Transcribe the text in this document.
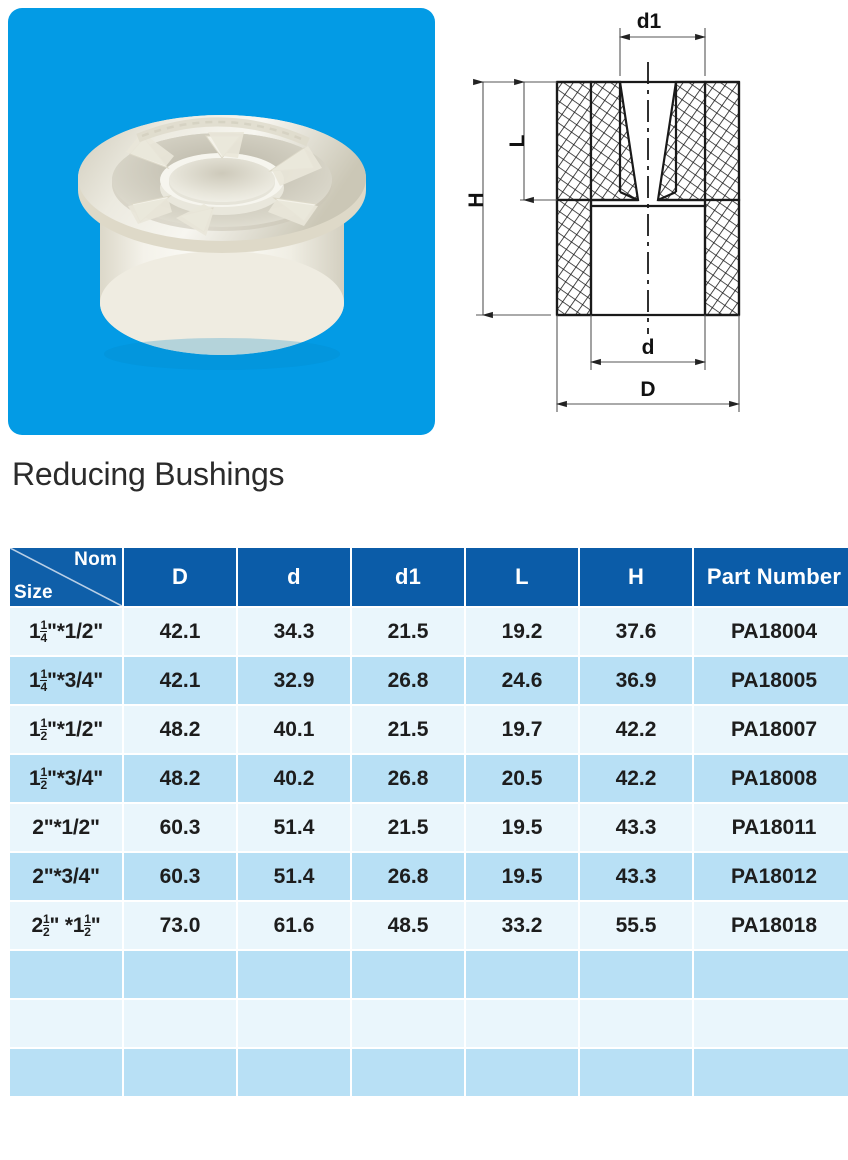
d1
H
L
d
D
Reducing Bushings
Nom
Size	D	d	d1	L	H	Part Number
$1 \frac{1}{4}$ "*1/2"	42.1	34.3	21.5	19.2	37.6	PA18004
$1 \frac{1}{4}$ "*3/4"	42.1	32.9	26.8	24.6	36.9	PA18005
$1 \frac{1}{2}$ "*1/2"	48.2	40.1	21.5	19.7	42.2	PA18007
$1 \frac{1}{2}$ "*3/4"	48.2	40.2	26.8	20.5	42.2	PA18008
2"*1/2"	60.3	51.4	21.5	19.5	43.3	PA18011
2"*3/4"	60.3	51.4	26.8	19.5	43.3	PA18012
$2 \frac{1}{2}$ " $*1 \frac{1}{2}$ "	73.0	61.6	48.5	33.2	55.5	PA18018
